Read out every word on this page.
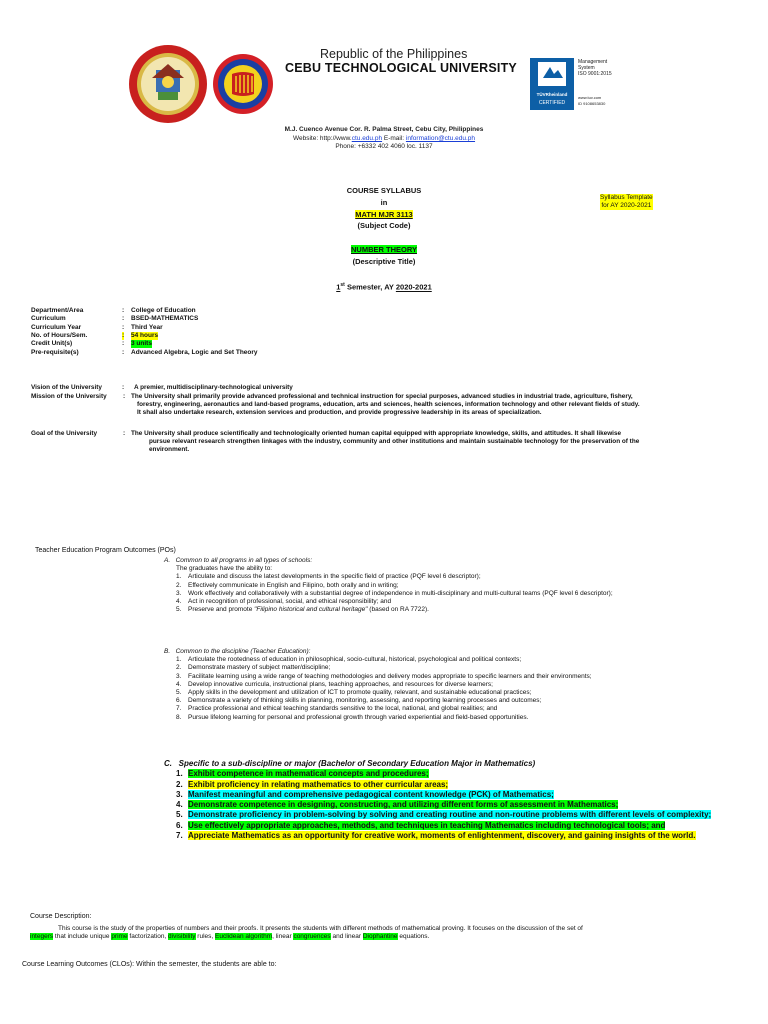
Republic of the Philippines
CEBU TECHNOLOGICAL UNIVERSITY
TÜVRheinland
CERTIFIED
Management
System
ISO 9001:2015
www.tuv.com
ID 9108653830
M.J. Cuenco Avenue Cor. R. Palma Street, Cebu City, Philippines
Website: http://www.ctu.edu.ph E-mail: information@ctu.edu.ph
Phone: +6332 402 4060 loc. 1137
COURSE SYLLABUS
in
MATH MJR 3113
(Subject Code)
NUMBER THEORY
(Descriptive Title)
1st Semester, AY 2020-2021
Syllabus Template
for AY 2020-2021
Department/Area	: College of Education
Curriculum	: BSED-MATHEMATICS
Curriculum Year	: Third Year
No. of Hours/Sem.	: 54 hours
Credit Unit(s)	: 3 units
Pre-requisite(s)	: Advanced Algebra, Logic and Set Theory
Vision of the University	: A premier, multidisciplinary-technological university
Mission of the University	: The University shall primarily provide advanced professional and technical instruction for special purposes, advanced studies in industrial trade, agriculture, fishery,
forestry, engineering, aeronautics and land-based programs, education, arts and sciences, health sciences, information technology and other relevant fields of study.
It shall also undertake research, extension services and production, and provide progressive leadership in its areas of specialization.
Goal of the University	: The University shall produce scientifically and technologically oriented human capital equipped with appropriate knowledge, skills, and attitudes. It shall likewise
pursue relevant research strengthen linkages with the industry, community and other institutions and maintain sustainable technology for the preservation of the
environment.
Teacher Education Program Outcomes (POs)
A. Common to all programs in all types of schools:
The graduates have the ability to:
1. Articulate and discuss the latest developments in the specific field of practice (PQF level 6 descriptor);
2. Effectively communicate in English and Filipino, both orally and in writing;
3. Work effectively and collaboratively with a substantial degree of independence in multi-disciplinary and multi-cultural teams (PQF level 6 descriptor);
4. Act in recognition of professional, social, and ethical responsibility; and
5. Preserve and promote "Filipino historical and cultural heritage" (based on RA 7722).
B. Common to the discipline (Teacher Education):
1. Articulate the rootedness of education in philosophical, socio-cultural, historical, psychological and political contexts;
2. Demonstrate mastery of subject matter/discipline;
3. Facilitate learning using a wide range of teaching methodologies and delivery modes appropriate to specific learners and their environments;
4. Develop innovative curricula, instructional plans, teaching approaches, and resources for diverse learners;
5. Apply skills in the development and utilization of ICT to promote quality, relevant, and sustainable educational practices;
6. Demonstrate a variety of thinking skills in planning, monitoring, assessing, and reporting learning processes and outcomes;
7. Practice professional and ethical teaching standards sensitive to the local, national, and global realities; and
8. Pursue lifelong learning for personal and professional growth through varied experiential and field-based opportunities.
C. Specific to a sub-discipline or major (Bachelor of Secondary Education Major in Mathematics)
1. Exhibit competence in mathematical concepts and procedures;
2. Exhibit proficiency in relating mathematics to other curricular areas;
3. Manifest meaningful and comprehensive pedagogical content knowledge (PCK) of Mathematics;
4. Demonstrate competence in designing, constructing, and utilizing different forms of assessment in Mathematics;
5. Demonstrate proficiency in problem-solving by solving and creating routine and non-routine problems with different levels of complexity;
6. Use effectively appropriate approaches, methods, and techniques in teaching Mathematics including technological tools; and
7. Appreciate Mathematics as an opportunity for creative work, moments of enlightenment, discovery, and gaining insights of the world.
Course Description:
This course is the study of the properties of numbers and their proofs. It presents the students with different methods of mathematical proving. It focuses on the discussion of the set of
integers that include unique prime factorization, divisibility rules, Euclidean algorithm, linear congruences and linear Diophantine equations.
Course Learning Outcomes (CLOs): Within the semester, the students are able to:
